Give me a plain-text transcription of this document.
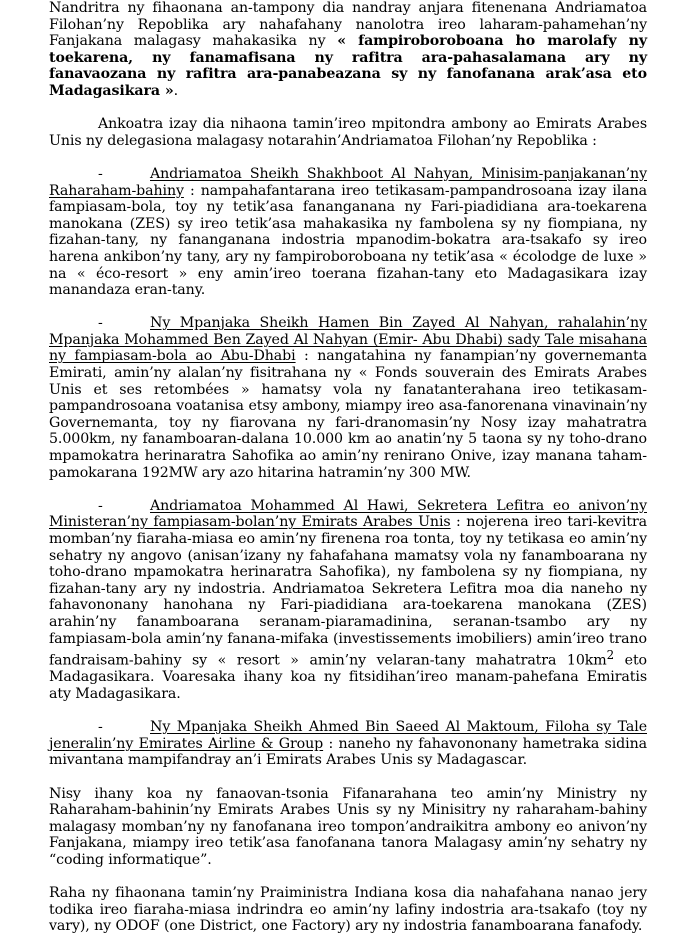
Nandritra ny fihaonana an-tampony dia nandray anjara fitenenana Andriamatoa Filohan’ny Repoblika ary nahafahany nanolotra ireo laharam-pahamehan’ny Fanjakana malagasy mahakasika ny « fampiroboroboana ho marolafy ny toekarena, ny fanamafisana ny rafitra ara-pahasalamana ary ny fanavaozana ny rafitra ara-panabeazana sy ny fanofanana arak’asa eto Madagasikara ».

Ankoatra izay dia nihaona tamin’ireo mpitondra ambony ao Emirats Arabes Unis ny delegasiona malagasy notarahin’Andriamatoa Filohan’ny Repoblika :

-	Andriamatoa Sheikh Shakhboot Al Nahyan, Minisim-panjakanan’ny Raharaham-bahiny : nampahafantarana ireo tetikasam-pampandrosoana izay ilana fampiasam-bola, toy ny tetik’asa fananganana ny Fari-piadidiana ara-toekarena manokana (ZES) sy ireo tetik’asa mahakasika ny fambolena sy ny fiompiana, ny fizahan-tany, ny fananganana indostria mpanodim-bokatra ara-tsakafo sy ireo harena ankibon’ny tany, ary ny fampiroboroboana ny tetik’asa « écolodge de luxe » na « éco-resort » eny amin’ireo toerana fizahan-tany eto Madagasikara izay manandaza eran-tany.

-	Ny Mpanjaka Sheikh Hamen Bin Zayed Al Nahyan, rahalahin’ny Mpanjaka Mohammed Ben Zayed Al Nahyan (Emir- Abu Dhabi) sady Tale misahana ny fampiasam-bola ao Abu-Dhabi : nangatahina ny fanampian’ny governemanta Emirati, amin’ny alalan’ny fisitrahana ny « Fonds souverain des Emirats Arabes Unis et ses retombées » hamatsy vola ny fanatanterahana ireo tetikasam-pampandrosoana voatanisa etsy ambony, miampy ireo asa-fanorenana vinavinain’ny Governemanta, toy ny fiarovana ny fari-dranomasin’ny Nosy izay mahatratra 5.000km, ny fanamboaran-dalana 10.000 km ao anatin’ny 5 taona sy ny toho-drano mpamokatra herinaratra Sahofika ao amin’ny renirano Onive, izay manana taham-pamokarana 192MW ary azo hitarina hatramin’ny 300 MW.

-	Andriamatoa Mohammed Al Hawi, Sekretera Lefitra eo anivon’ny Ministeran’ny fampiasam-bolan’ny Emirats Arabes Unis : nojerena ireo tari-kevitra momban’ny fiaraha-miasa eo amin’ny firenena roa tonta, toy ny tetikasa eo amin’ny sehatry ny angovo (anisan’izany ny fahafahana mamatsy vola ny fanamboarana ny toho-drano mpamokatra herinaratra Sahofika), ny fambolena sy ny fiompiana, ny fizahan-tany ary ny indostria. Andriamatoa Sekretera Lefitra moa dia naneho ny fahavononany hanohana ny Fari-piadidiana ara-toekarena manokana (ZES) arahin’ny fanamboarana seranam-piaramadinina, seranan-tsambo ary ny fampiasam-bola amin’ny fanana-mifaka (investissements imobiliers) amin’ireo trano fandraisam-bahiny sy « resort » amin’ny velaran-tany mahatratra $10km^2$ eto Madagasikara. Voaresaka ihany koa ny fitsidihan’ireo manam-pahefana Emiratis aty Madagasikara.

-	Ny Mpanjaka Sheikh Ahmed Bin Saeed Al Maktoum, Filoha sy Tale jeneralin’ny Emirates Airline & Group : naneho ny fahavononany hametraka sidina mivantana mampifandray an’i Emirats Arabes Unis sy Madagascar.

Nisy ihany koa ny fanaovan-tsonia Fifanarahana teo amin’ny Ministry ny Raharaham-bahinin’ny Emirats Arabes Unis sy ny Minisitry ny raharaham-bahiny malagasy momban’ny ny fanofanana ireo tompon’andraikitra ambony eo anivon’ny Fanjakana, miampy ireo tetik’asa fanofanana tanora Malagasy amin’ny sehatry ny “coding informatique”.

Raha ny fihaonana tamin’ny Praiministra Indiana kosa dia nahafahana nanao jery todika ireo fiaraha-miasa indrindra eo amin’ny lafiny indostria ara-tsakafo (toy ny vary), ny ODOF (one District, one Factory) ary ny indostria fanamboarana fanafody.
